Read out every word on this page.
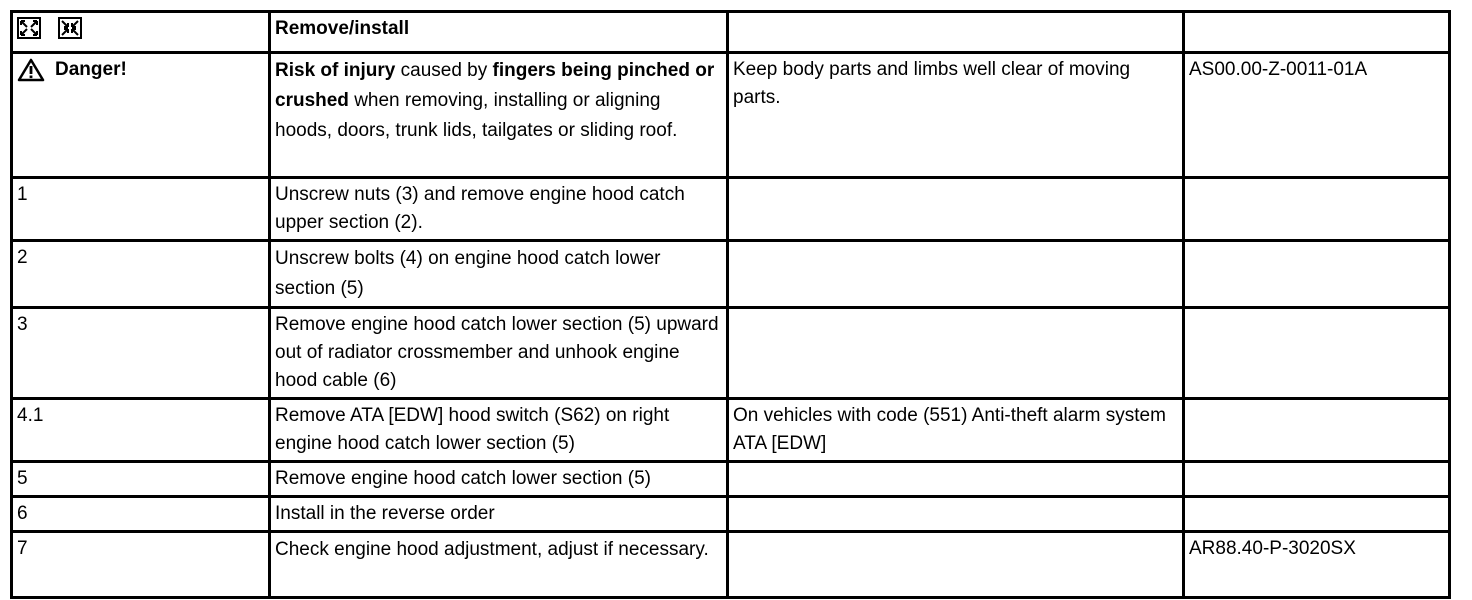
	Remove/install		
Danger!	Risk of injury caused by fingers being pinched or crushed when removing, installing or aligning hoods, doors, trunk lids, tailgates or sliding roof.	Keep body parts and limbs well clear of moving parts.	AS00.00-Z-0011-01A
1	Unscrew nuts (3) and remove engine hood catch upper section (2).		
2	Unscrew bolts (4) on engine hood catch lower section (5)		
3	Remove engine hood catch lower section (5) upward out of radiator crossmember and unhook engine hood cable (6)		
4.1	Remove ATA [EDW] hood switch (S62) on right engine hood catch lower section (5)	On vehicles with code (551) Anti-theft alarm system ATA [EDW]	
5	Remove engine hood catch lower section (5)		
6	Install in the reverse order		
7	Check engine hood adjustment, adjust if necessary.		AR88.40-P-3020SX
